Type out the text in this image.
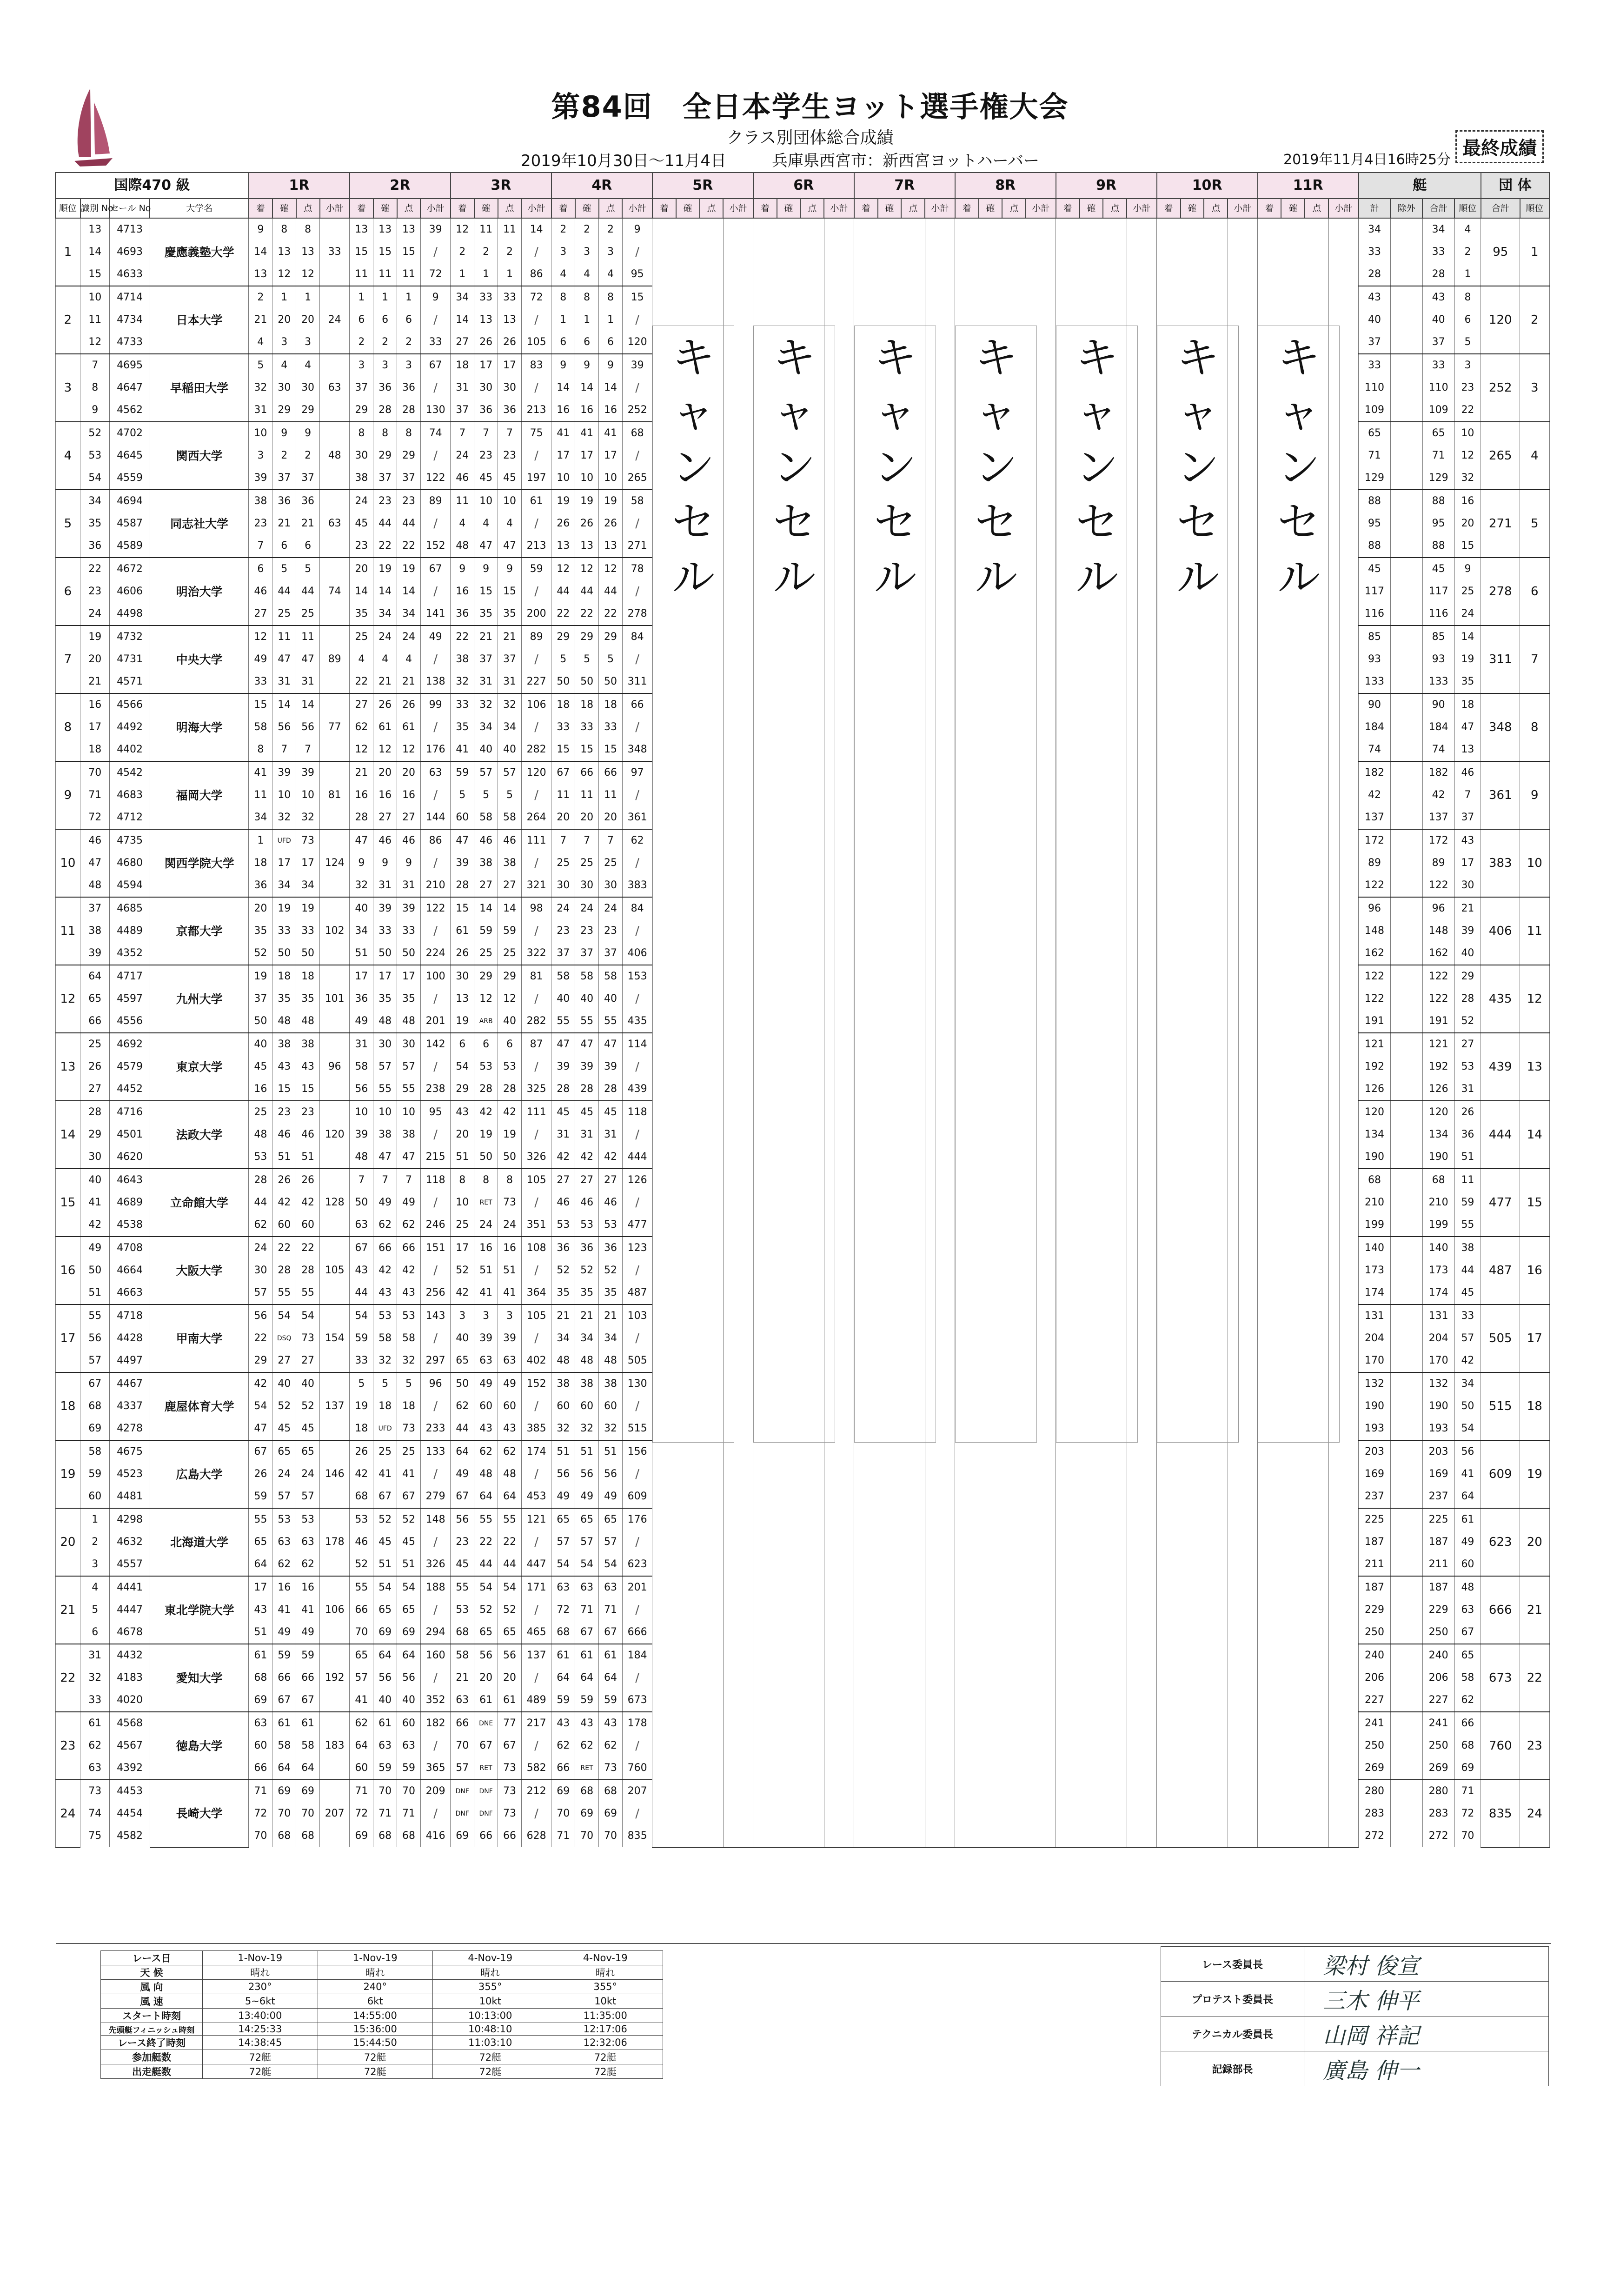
第84回　全日本学生ヨット選手権大会
クラス別団体総合成績
2019年10月30日～11月4日	兵庫県西宮市：新西宮ヨットハーバー	2019年11月4日16時25分
最終成績
国際470 級				1R				2R				3R				4R				5R				6R				7R				8R				9R				10R				11R				艇				団 体	
順位	識別 No	セール No	大学名	着	確	点	小計	着	確	点	小計	着	確	点	小計	着	確	点	小計	着	確	点	小計	着	確	点	小計	着	確	点	小計	着	確	点	小計	着	確	点	小計	着	確	点	小計	着	確	点	小計	計	除外	合計	順位	合計	順位
1	13	4713	慶應義塾大学	9	8	8		13	13	13	39	12	11	11	14	2	2	2	9	キャンセル				キャンセル				キャンセル				キャンセル				キャンセル				キャンセル				キャンセル				34		34	4	95	1
	14	4693		14	13	13	33	15	15	15	/	2	2	2	/	3	3	3	/																													33		33	2		
	15	4633		13	12	12		11	11	11	72	1	1	1	86	4	4	4	95																													28		28	1		
2	10	4714	日本大学	2	1	1		1	1	1	9	34	33	33	72	8	8	8	15																													43		43	8	120	2
	11	4734		21	20	20	24	6	6	6	/	14	13	13	/	1	1	1	/																													40		40	6		
	12	4733		4	3	3		2	2	2	33	27	26	26	105	6	6	6	120																													37		37	5		
3	7	4695	早稲田大学	5	4	4		3	3	3	67	18	17	17	83	9	9	9	39																													33		33	3	252	3
	8	4647		32	30	30	63	37	36	36	/	31	30	30	/	14	14	14	/																													110		110	23		
	9	4562		31	29	29		29	28	28	130	37	36	36	213	16	16	16	252																													109		109	22		
4	52	4702	関西大学	10	9	9		8	8	8	74	7	7	7	75	41	41	41	68																													65		65	10	265	4
	53	4645		3	2	2	48	30	29	29	/	24	23	23	/	17	17	17	/																													71		71	12		
	54	4559		39	37	37		38	37	37	122	46	45	45	197	10	10	10	265																													129		129	32		
5	34	4694	同志社大学	38	36	36		24	23	23	89	11	10	10	61	19	19	19	58																													88		88	16	271	5
	35	4587		23	21	21	63	45	44	44	/	4	4	4	/	26	26	26	/																													95		95	20		
	36	4589		7	6	6		23	22	22	152	48	47	47	213	13	13	13	271																													88		88	15		
6	22	4672	明治大学	6	5	5		20	19	19	67	9	9	9	59	12	12	12	78																													45		45	9	278	6
	23	4606		46	44	44	74	14	14	14	/	16	15	15	/	44	44	44	/																													117		117	25		
	24	4498		27	25	25		35	34	34	141	36	35	35	200	22	22	22	278																													116		116	24		
7	19	4732	中央大学	12	11	11		25	24	24	49	22	21	21	89	29	29	29	84																													85		85	14	311	7
	20	4731		49	47	47	89	4	4	4	/	38	37	37	/	5	5	5	/																													93		93	19		
	21	4571		33	31	31		22	21	21	138	32	31	31	227	50	50	50	311																													133		133	35		
8	16	4566	明海大学	15	14	14		27	26	26	99	33	32	32	106	18	18	18	66																													90		90	18	348	8
	17	4492		58	56	56	77	62	61	61	/	35	34	34	/	33	33	33	/																													184		184	47		
	18	4402		8	7	7		12	12	12	176	41	40	40	282	15	15	15	348																													74		74	13		
9	70	4542	福岡大学	41	39	39		21	20	20	63	59	57	57	120	67	66	66	97																													182		182	46	361	9
	71	4683		11	10	10	81	16	16	16	/	5	5	5	/	11	11	11	/																													42		42	7		
	72	4712		34	32	32		28	27	27	144	60	58	58	264	20	20	20	361																													137		137	37		
10	46	4735	関西学院大学	1	UFD	73		47	46	46	86	47	46	46	111	7	7	7	62																													172		172	43	383	10
	47	4680		18	17	17	124	9	9	9	/	39	38	38	/	25	25	25	/																													89		89	17		
	48	4594		36	34	34		32	31	31	210	28	27	27	321	30	30	30	383																													122		122	30		
11	37	4685	京都大学	20	19	19		40	39	39	122	15	14	14	98	24	24	24	84																													96		96	21	406	11
	38	4489		35	33	33	102	34	33	33	/	61	59	59	/	23	23	23	/																													148		148	39		
	39	4352		52	50	50		51	50	50	224	26	25	25	322	37	37	37	406																													162		162	40		
12	64	4717	九州大学	19	18	18		17	17	17	100	30	29	29	81	58	58	58	153																													122		122	29	435	12
	65	4597		37	35	35	101	36	35	35	/	13	12	12	/	40	40	40	/																													122		122	28		
	66	4556		50	48	48		49	48	48	201	19	ARB	40	282	55	55	55	435																													191		191	52		
13	25	4692	東京大学	40	38	38		31	30	30	142	6	6	6	87	47	47	47	114																													121		121	27	439	13
	26	4579		45	43	43	96	58	57	57	/	54	53	53	/	39	39	39	/																													192		192	53		
	27	4452		16	15	15		56	55	55	238	29	28	28	325	28	28	28	439																													126		126	31		
14	28	4716	法政大学	25	23	23		10	10	10	95	43	42	42	111	45	45	45	118																													120		120	26	444	14
	29	4501		48	46	46	120	39	38	38	/	20	19	19	/	31	31	31	/																													134		134	36		
	30	4620		53	51	51		48	47	47	215	51	50	50	326	42	42	42	444																													190		190	51		
15	40	4643	立命館大学	28	26	26		7	7	7	118	8	8	8	105	27	27	27	126																													68		68	11	477	15
	41	4689		44	42	42	128	50	49	49	/	10	RET	73	/	46	46	46	/																													210		210	59		
	42	4538		62	60	60		63	62	62	246	25	24	24	351	53	53	53	477																													199		199	55		
16	49	4708	大阪大学	24	22	22		67	66	66	151	17	16	16	108	36	36	36	123																													140		140	38	487	16
	50	4664		30	28	28	105	43	42	42	/	52	51	51	/	52	52	52	/																													173		173	44		
	51	4663		57	55	55		44	43	43	256	42	41	41	364	35	35	35	487																													174		174	45		
17	55	4718	甲南大学	56	54	54		54	53	53	143	3	3	3	105	21	21	21	103																													131		131	33	505	17
	56	4428		22	DSQ	73	154	59	58	58	/	40	39	39	/	34	34	34	/																													204		204	57		
	57	4497		29	27	27		33	32	32	297	65	63	63	402	48	48	48	505																													170		170	42		
18	67	4467	鹿屋体育大学	42	40	40		5	5	5	96	50	49	49	152	38	38	38	130																													132		132	34	515	18
	68	4337		54	52	52	137	19	18	18	/	62	60	60	/	60	60	60	/																													190		190	50		
	69	4278		47	45	45		18	UFD	73	233	44	43	43	385	32	32	32	515																													193		193	54		
19	58	4675	広島大学	67	65	65		26	25	25	133	64	62	62	174	51	51	51	156																													203		203	56	609	19
	59	4523		26	24	24	146	42	41	41	/	49	48	48	/	56	56	56	/																													169		169	41		
	60	4481		59	57	57		68	67	67	279	67	64	64	453	49	49	49	609																													237		237	64		
20	1	4298	北海道大学	55	53	53		53	52	52	148	56	55	55	121	65	65	65	176																													225		225	61	623	20
	2	4632		65	63	63	178	46	45	45	/	23	22	22	/	57	57	57	/																													187		187	49		
	3	4557		64	62	62		52	51	51	326	45	44	44	447	54	54	54	623																													211		211	60		
21	4	4441	東北学院大学	17	16	16		55	54	54	188	55	54	54	171	63	63	63	201																													187		187	48	666	21
	5	4447		43	41	41	106	66	65	65	/	53	52	52	/	72	71	71	/																													229		229	63		
	6	4678		51	49	49		70	69	69	294	68	65	65	465	68	67	67	666																													250		250	67		
22	31	4432	愛知大学	61	59	59		65	64	64	160	58	56	56	137	61	61	61	184																													240		240	65	673	22
	32	4183		68	66	66	192	57	56	56	/	21	20	20	/	64	64	64	/																													206		206	58		
	33	4020		69	67	67		41	40	40	352	63	61	61	489	59	59	59	673																													227		227	62		
23	61	4568	徳島大学	63	61	61		62	61	60	182	66	DNE	77	217	43	43	43	178																													241		241	66	760	23
	62	4567		60	58	58	183	64	63	63	/	70	67	67	/	62	62	62	/																													250		250	68		
	63	4392		66	64	64		60	59	59	365	57	RET	73	582	66	RET	73	760																													269		269	69		
24	73	4453	長崎大学	71	69	69		71	70	70	209	DNF	DNF	73	212	69	68	68	207																													280		280	71	835	24
	74	4454		72	70	70	207	72	71	71	/	DNF	DNF	73	/	70	69	69	/																													283		283	72		
	75	4582		70	68	68		69	68	68	416	69	66	66	628	71	70	70	835																													272		272	70		
レース日	1-Nov-19	1-Nov-19	4-Nov-19	4-Nov-19
天 候	晴れ	晴れ	晴れ	晴れ
風 向	230°	240°	355°	355°
風 速	5~6kt	6kt	10kt	10kt
スタート時刻	13:40:00	14:55:00	10:13:00	11:35:00
先頭艇フィニッシュ時刻	14:25:33	15:36:00	10:48:10	12:17:06
レース終了時刻	14:38:45	15:44:50	11:03:10	12:32:06
参加艇数	72艇	72艇	72艇	72艇
出走艇数	72艇	72艇	72艇	72艇
レース委員長	梁村 俊宣
プロテスト委員長	三木 伸平
テクニカル委員長	山岡 祥記
記録部長	廣島 伸一
